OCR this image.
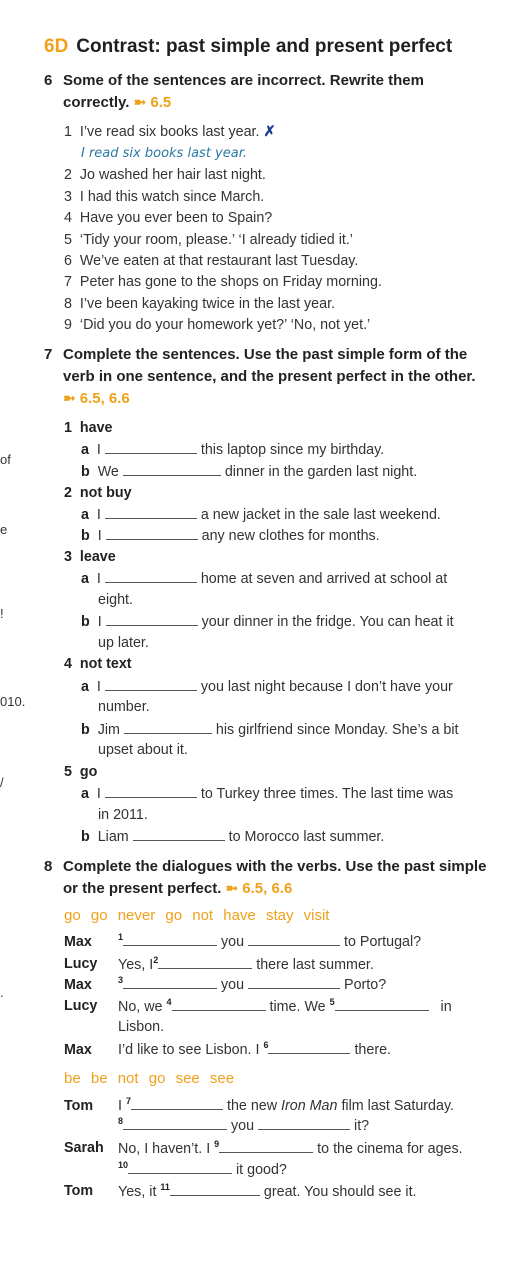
of
e
!
010.
/
.
6D Contrast: past simple and present perfect
6 Some of the sentences are incorrect. Rewrite them correctly. ➼ 6.5
1 I’ve read six books last year. ✗
I read six books last year.
2 Jo washed her hair last night.
3 I had this watch since March.
4 Have you ever been to Spain?
5 ‘Tidy your room, please.’ ‘I already tidied it.’
6 We’ve eaten at that restaurant last Tuesday.
7 Peter has gone to the shops on Friday morning.
8 I’ve been kayaking twice in the last year.
9 ‘Did you do your homework yet?’ ‘No, not yet.’
7 Complete the sentences. Use the past simple form of the verb in one sentence, and the present perfect in the other.
➼ 6.5, 6.6
1 have
a I	this laptop since my birthday.
b We	dinner in the garden last night.
2 not buy
a I	a new jacket in the sale last weekend.
b I	any new clothes for months.
3 leave
a I	home at seven and arrived at school at
eight.
b I	your dinner in the fridge. You can heat it
up later.
4 not text
a I	you last night because I don’t have your
number.
b Jim	his girlfriend since Monday. She’s a bit
upset about it.
5 go
a I	to Turkey three times. The last time was
in 2011.
b Liam	to Morocco last summer.
8 Complete the dialogues with the verbs. Use the past simple or the present perfect. ➼ 6.5, 6.6
go go never go not have stay visit
Max	$^1$	you	to Portugal?
Lucy Yes, $I^2$	there last summer.
Max	$^3$	you	Porto?
Lucy No, we $^4$	time. We $^5$	in
Lisbon.
Max I’d like to see Lisbon. I $^6$	there.
be be not go see see
Tom I $^7$	the new Iron Man film last Saturday.
$^8$	you	it?
Sarah No, I haven’t. I $^9$	to the cinema for ages.
$^{10}$	it good?
Tom Yes, it $^{11}$	great. You should see it.
